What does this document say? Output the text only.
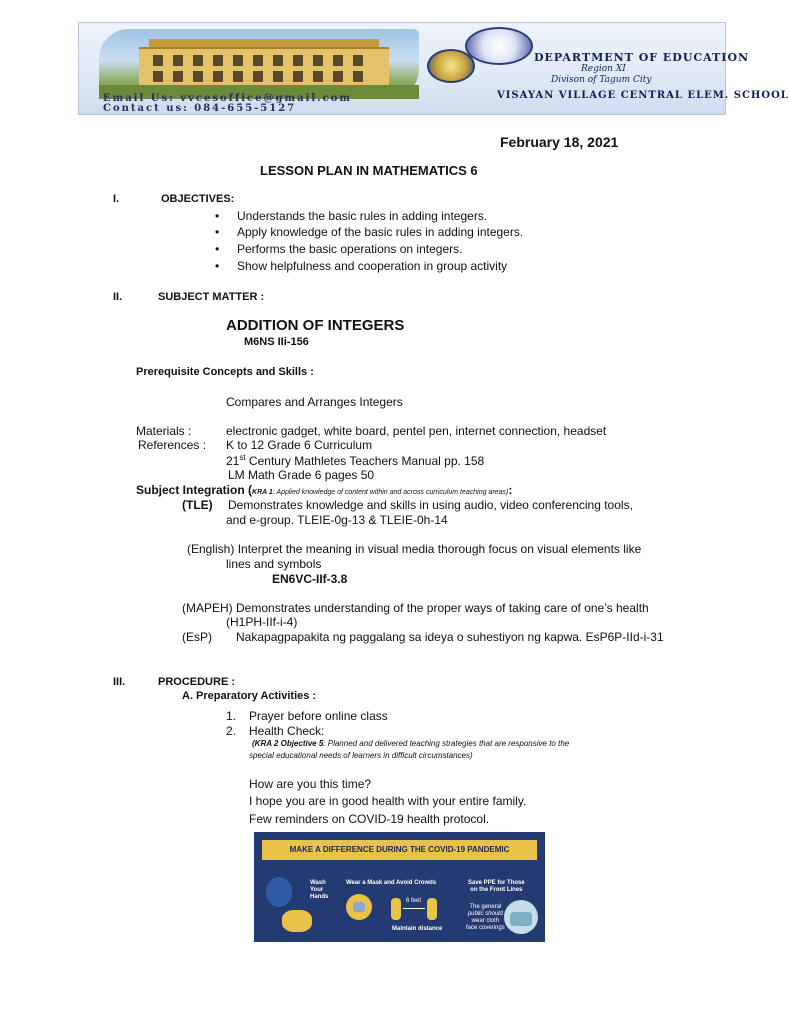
DEPARTMENT OF EDUCATION
Region XI
Divison of Tagum City
VISAYAN VILLAGE CENTRAL ELEM. SCHOOL
Email Us: vvcesoffice@gmail.com
Contact us: 084-655-5127
February 18, 2021
LESSON PLAN IN MATHEMATICS 6
I.	OBJECTIVES:
• Understands the basic rules in adding integers.
• Apply knowledge of the basic rules in adding integers.
• Performs the basic operations on integers.
• Show helpfulness and cooperation in group activity
II.	SUBJECT MATTER :
ADDITION OF INTEGERS
M6NS IIi-156
Prerequisite Concepts and Skills :
Compares and Arranges Integers
Materials :	electronic gadget, white board, pentel pen, internet connection, headset
References : K to 12 Grade 6 Curriculum
21st Century Mathletes Teachers Manual pp. 158
LM Math Grade 6 pages 50
Subject Integration (KRA 1: Applied knowledge of content within and across curriculum teaching areas):
(TLE) Demonstrates knowledge and skills in using audio, video conferencing tools,
and e-group. TLEIE-0g-13 & TLEIE-0h-14
(English) Interpret the meaning in visual media thorough focus on visual elements like
lines and symbols
EN6VC-IIf-3.8
(MAPEH) Demonstrates understanding of the proper ways of taking care of one’s health
(H1PH-IIf-i-4)
(EsP) Nakapagpapakita ng paggalang sa ideya o suhestiyon ng kapwa. EsP6P-IId-i-31
III.	PROCEDURE :
A. Preparatory Activities :
1. Prayer before online class
2. Health Check:
(KRA 2 Objective 5: Planned and delivered teaching strategies that are responsive to the
special educational needs of learners in difficult circumstances)
How are you this time?
I hope you are in good health with your entire family.
Few reminders on COVID-19 health protocol.
MAKE A DIFFERENCE DURING THE COVID-19 PANDEMIC
Wash
Your
Hands
Wear a Mask and Avoid Crowds
6 feet
Maintain distance
Save PPE for Those
on the Front Lines
The general
public should
wear cloth
face coverings
